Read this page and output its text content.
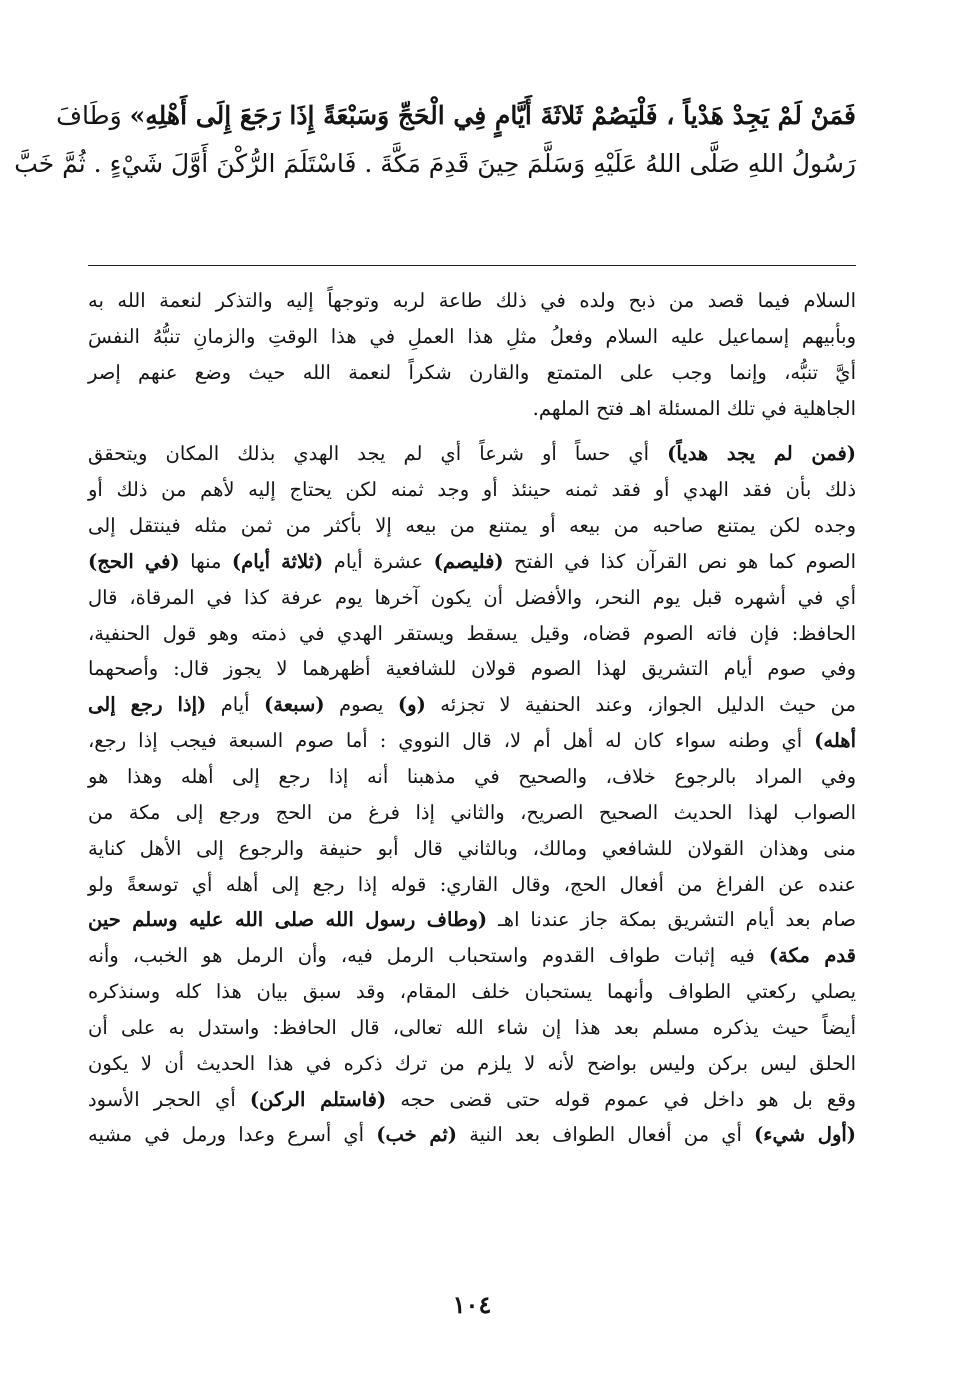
فَمَنْ لَمْ يَجِدْ هَدْياً ، فَلْيَصُمْ ثَلاثَةَ أَيَّامٍ فِي الْحَجِّ وَسَبْعَةً إِذَا رَجَعَ إِلَى أَهْلِهِ» وَطَافَ
رَسُولُ اللهِ صَلَّى اللهُ عَلَيْهِ وَسَلَّمَ حِينَ قَدِمَ مَكَّةَ . فَاسْتَلَمَ الرُّكْنَ أَوَّلَ شَيْءٍ . ثُمَّ خَبَّ
السلام فيما قصد من ذبح ولده في ذلك طاعة لربه وتوجهاً إليه والتذكر لنعمة الله به
وبأبيهم إسماعيل عليه السلام وفعلُ مثلِ هذا العملِ في هذا الوقتِ والزمانِ تنبُّهُ النفسَ
أيَّ تنبُّه، وإنما وجب على المتمتع والقارن شكراً لنعمة الله حيث وضع عنهم إصر
الجاهلية في تلك المسئلة اهـ فتح الملهم.
(فمن لم يجد هدياً) أي حساً أو شرعاً أي لم يجد الهدي بذلك المكان ويتحقق
ذلك بأن فقد الهدي أو فقد ثمنه حينئذ أو وجد ثمنه لكن يحتاج إليه لأهم من ذلك أو
وجده لكن يمتنع صاحبه من بيعه أو يمتنع من بيعه إلا بأكثر من ثمن مثله فينتقل إلى
الصوم كما هو نص القرآن كذا في الفتح (فليصم) عشرة أيام (ثلاثة أيام) منها (في الحج)
أي في أشهره قبل يوم النحر، والأفضل أن يكون آخرها يوم عرفة كذا في المرقاة، قال
الحافظ: فإن فاته الصوم قضاه، وقيل يسقط ويستقر الهدي في ذمته وهو قول الحنفية،
وفي صوم أيام التشريق لهذا الصوم قولان للشافعية أظهرهما لا يجوز قال: وأصحهما
من حيث الدليل الجواز، وعند الحنفية لا تجزئه (و) يصوم (سبعة) أيام (إذا رجع إلى
أهله) أي وطنه سواء كان له أهل أم لا، قال النووي : أما صوم السبعة فيجب إذا رجع،
وفي المراد بالرجوع خلاف، والصحيح في مذهبنا أنه إذا رجع إلى أهله وهذا هو
الصواب لهذا الحديث الصحيح الصريح، والثاني إذا فرغ من الحج ورجع إلى مكة من
منى وهذان القولان للشافعي ومالك، وبالثاني قال أبو حنيفة والرجوع إلى الأهل كناية
عنده عن الفراغ من أفعال الحج، وقال القاري: قوله إذا رجع إلى أهله أي توسعةً ولو
صام بعد أيام التشريق بمكة جاز عندنا اهـ (وطاف رسول الله صلى الله عليه وسلم حين
قدم مكة) فيه إثبات طواف القدوم واستحباب الرمل فيه، وأن الرمل هو الخبب، وأنه
يصلي ركعتي الطواف وأنهما يستحبان خلف المقام، وقد سبق بيان هذا كله وسنذكره
أيضاً حيث يذكره مسلم بعد هذا إن شاء الله تعالى، قال الحافظ: واستدل به على أن
الحلق ليس بركن وليس بواضح لأنه لا يلزم من ترك ذكره في هذا الحديث أن لا يكون
وقع بل هو داخل في عموم قوله حتى قضى حجه (فاستلم الركن) أي الحجر الأسود
(أول شيء) أي من أفعال الطواف بعد النية (ثم خب) أي أسرع وعدا ورمل في مشيه
١٠٤
